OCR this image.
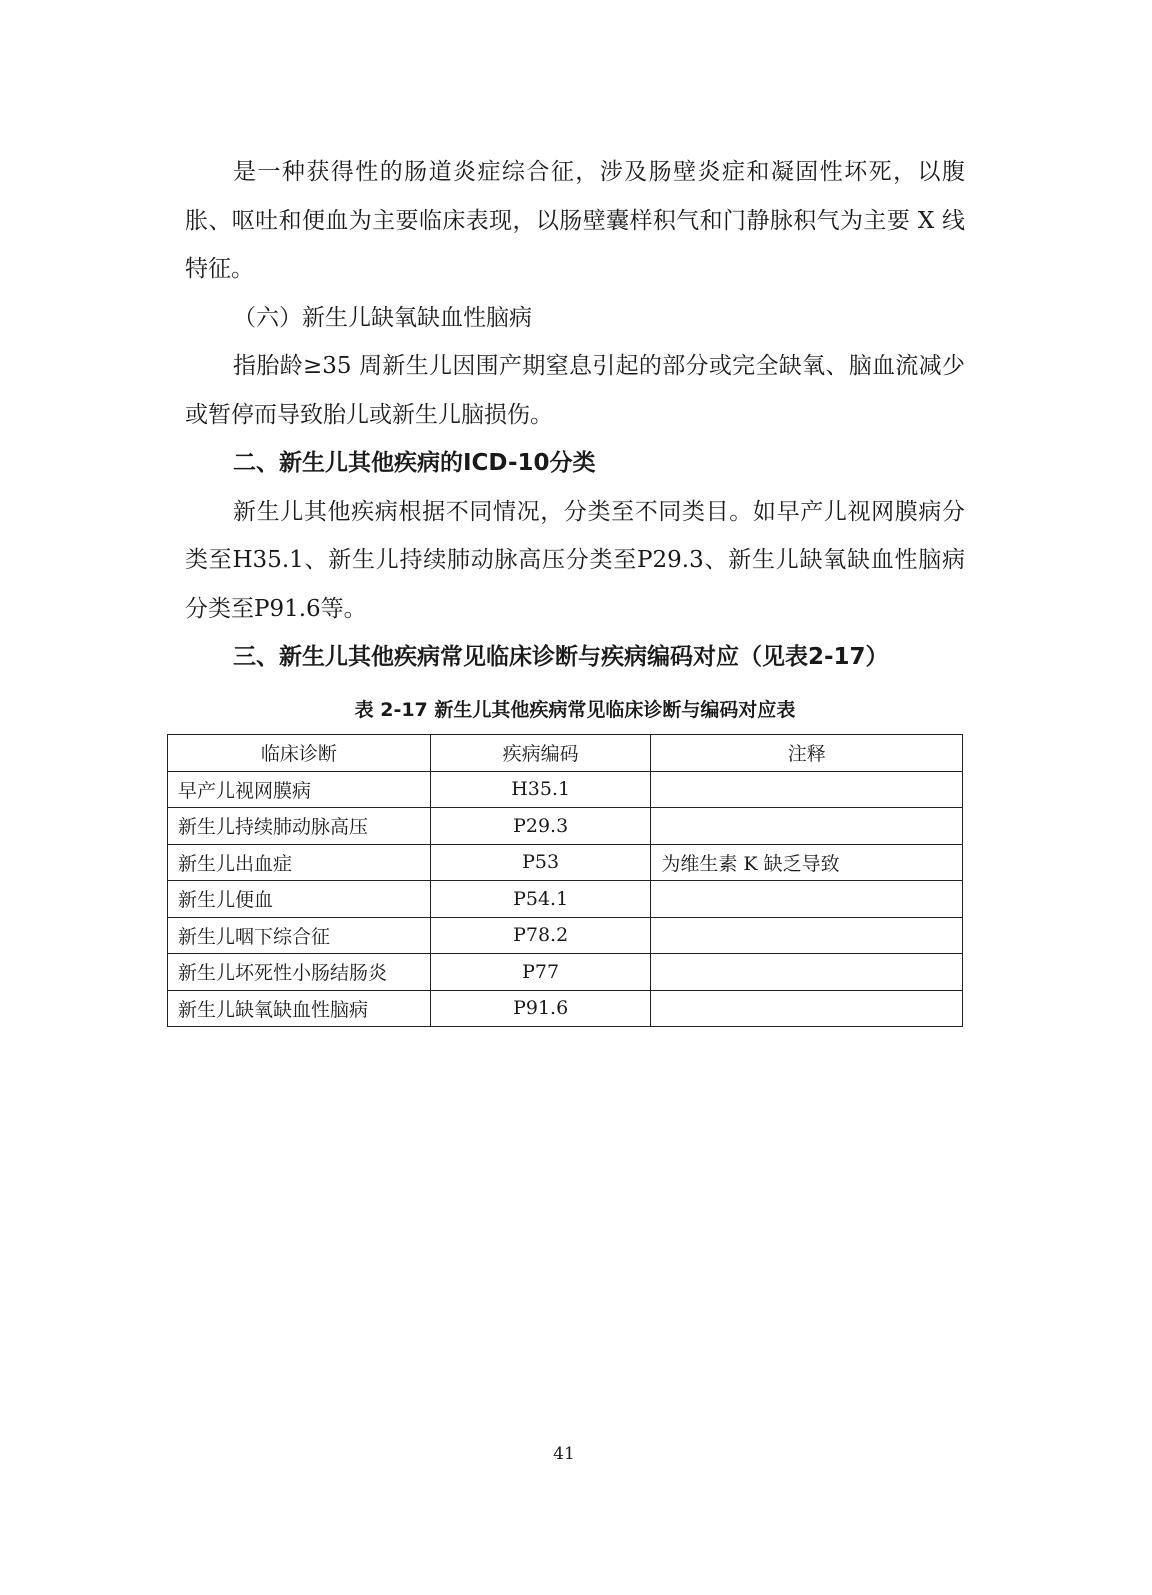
是一种获得性的肠道炎症综合征，涉及肠壁炎症和凝固性坏死，以腹胀、呕吐和便血为主要临床表现，以肠壁囊样积气和门静脉积气为主要 X 线特征。

（六）新生儿缺氧缺血性脑病

指胎龄≥35 周新生儿因围产期窒息引起的部分或完全缺氧、脑血流减少或暂停而导致胎儿或新生儿脑损伤。

二、新生儿其他疾病的ICD-10分类

新生儿其他疾病根据不同情况，分类至不同类目。如早产儿视网膜病分类至H35.1、新生儿持续肺动脉高压分类至P29.3、新生儿缺氧缺血性脑病分类至P91.6等。

三、新生儿其他疾病常见临床诊断与疾病编码对应（见表2-17）

表 2-17 新生儿其他疾病常见临床诊断与编码对应表

临床诊断	疾病编码	注释
早产儿视网膜病	H35.1	
新生儿持续肺动脉高压	P29.3	
新生儿出血症	P53	为维生素 K 缺乏导致
新生儿便血	P54.1	
新生儿咽下综合征	P78.2	
新生儿坏死性小肠结肠炎	P77	
新生儿缺氧缺血性脑病	P91.6	
41
